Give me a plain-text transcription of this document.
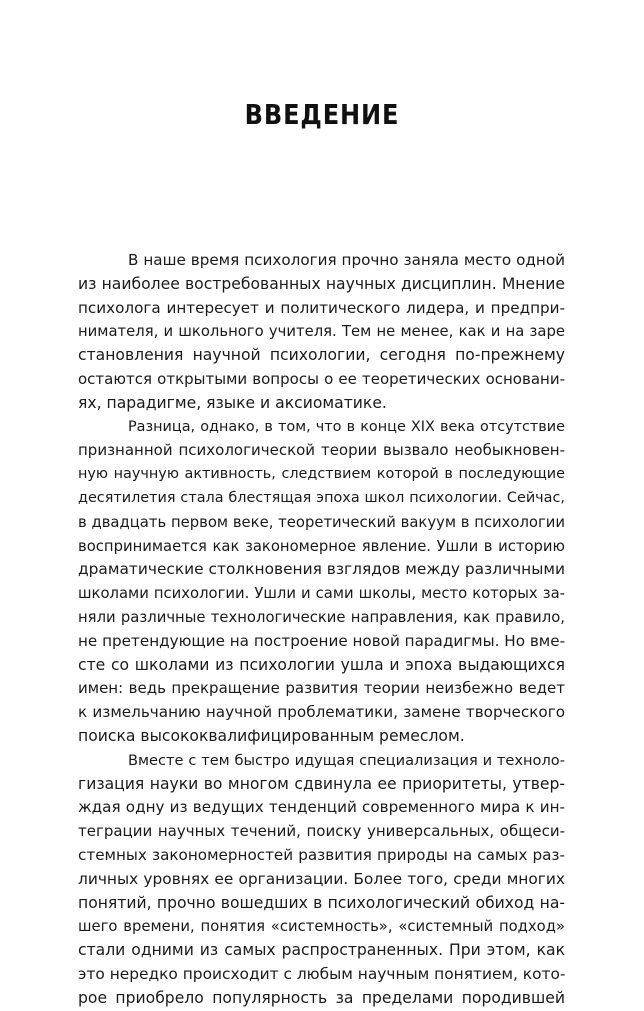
ВВЕДЕНИЕ
В наше время психология прочно заняла место одной
из наиболее востребованных научных дисциплин. Мнение
психолога интересует и политического лидера, и предпри-
нимателя, и школьного учителя. Тем не менее, как и на заре
становления научной психологии, сегодня по-прежнему
остаются открытыми вопросы о ее теоретических основани-
ях, парадигме, языке и аксиоматике.
Разница, однако, в том, что в конце XIX века отсутствие
признанной психологической теории вызвало необыкновен-
ную научную активность, следствием которой в последующие
десятилетия стала блестящая эпоха школ психологии. Сейчас,
в двадцать первом веке, теоретический вакуум в психологии
воспринимается как закономерное явление. Ушли в историю
драматические столкновения взглядов между различными
школами психологии. Ушли и сами школы, место которых за-
няли различные технологические направления, как правило,
не претендующие на построение новой парадигмы. Но вме-
сте со школами из психологии ушла и эпоха выдающихся
имен: ведь прекращение развития теории неизбежно ведет
к измельчанию научной проблематики, замене творческого
поиска высококвалифицированным ремеслом.
Вместе с тем быстро идущая специализация и техноло-
гизация науки во многом сдвинула ее приоритеты, утвер-
ждая одну из ведущих тенденций современного мира к ин-
теграции научных течений, поиску универсальных, общеси-
стемных закономерностей развития природы на самых раз-
личных уровнях ее организации. Более того, среди многих
понятий, прочно вошедших в психологический обиход на-
шего времени, понятия «системность», «системный подход»
стали одними из самых распространенных. При этом, как
это нередко происходит с любым научным понятием, кото-
рое приобрело популярность за пределами породившей
